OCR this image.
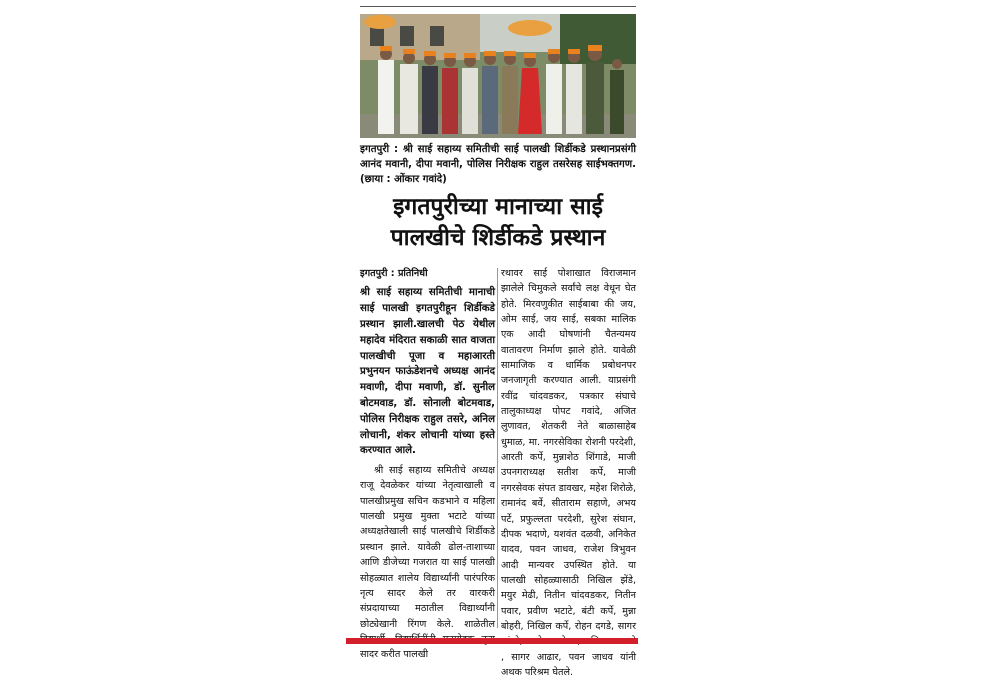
इगतपुरी : श्री साई सहाय्य समितीची साई पालखी शिर्डीकडे प्रस्थानप्रसंगी आनंद मवानी, दीपा मवानी, पोलिस निरीक्षक राहुल तसरेसह साईभक्तगण. (छाया : ओंकार गवांदे)
इगतपुरीच्या मानाच्या साई
पालखीचे शिर्डीकडे प्रस्थान
इगतपुरी : प्रतिनिधी
श्री साई सहाय्य समितीची मानाची साई पालखी इगतपुरीहून शिर्डीकडे प्रस्थान झाली.खालची पेठ येथील महादेव मंदिरात सकाळी सात वाजता पालखीची पूजा व महाआरती प्रभुनयन फाऊंडेशनचे अध्यक्ष आनंद मवाणी, दीपा मवाणी, डॉ. सुनील बोटमवाड, डॉ. सोनाली बोटमवाड, पोलिस निरीक्षक राहुल तसरे, अनिल लोचानी, शंकर लोचानी यांच्या हस्ते करण्यात आले.
श्री साई सहाय्य समितीचे अध्यक्ष राजू देवळेकर यांच्या नेतृत्वाखाली व पालखीप्रमुख सचिन कडभाने व महिला पालखी प्रमुख मुक्ता भटाटे यांच्या अध्यक्षतेखाली साई पालखीचे शिर्डीकडे प्रस्थान झाले. यावेळी ढोल-ताशाच्या आणि डीजेच्या गजरात या साई पालखी सोहळ्यात शालेय विद्यार्थ्यांनी पारंपरिक नृत्य सादर केले तर वारकरी संप्रदायाच्या मठातील विद्यार्थ्यांनी छोट्येखानी रिंगण केले. शाळेतील सादर करीत पालखी
रथावर साई पोशाखात विराजमान झालेले चिमुकले सर्वांचे लक्ष वेधून घेत होते. मिरवणुकीत साईबाबा की जय, ओम साई, जय साई, सबका मालिक एक आदी घोषणांनी चैतन्यमय वातावरण निर्माण झाले होते. यावेळी सामाजिक व धार्मिक प्रबोधनपर जनजागृती करण्यात आली. याप्रसंगी रवींद्र चांदवडकर, पत्रकार संघाचे तालुकाध्यक्ष पोपट गवांदे, अजित लुणावत, शेतकरी नेते बाळासाहेब धुमाळ, मा. नगरसेविका रोशनी परदेशी, आरती कर्पे, मुन्नाशेठ शिंगाडे, माजी उपनगराध्यक्ष सतीश कर्पे, माजी नगरसेवक संपत डावखर, महेश शिरोळे, रामानंद बर्वे, सीताराम सहाणे, अभय पर्टे, प्रफुल्लता परदेशी, सुरेश संघान, दीपक भदाणे, यशवंत दळवी, अनिकेत यादव, पवन जाधव, राजेश त्रिभुवन आदी मान्यवर उपस्थित होते. या पालखी सोहळ्यासाठी निखिल झेंडे, मयुर मेढी, नितीन चांदवडकर, नितीन पवार, प्रवीण भटाटे, बंटी कर्पे, मुन्ना बोहरी, निखिल कर्पे, रोहन दगडे, सागर , सागर आढार, पवन जाधव यांनी अथक परिश्रम घेतले.
